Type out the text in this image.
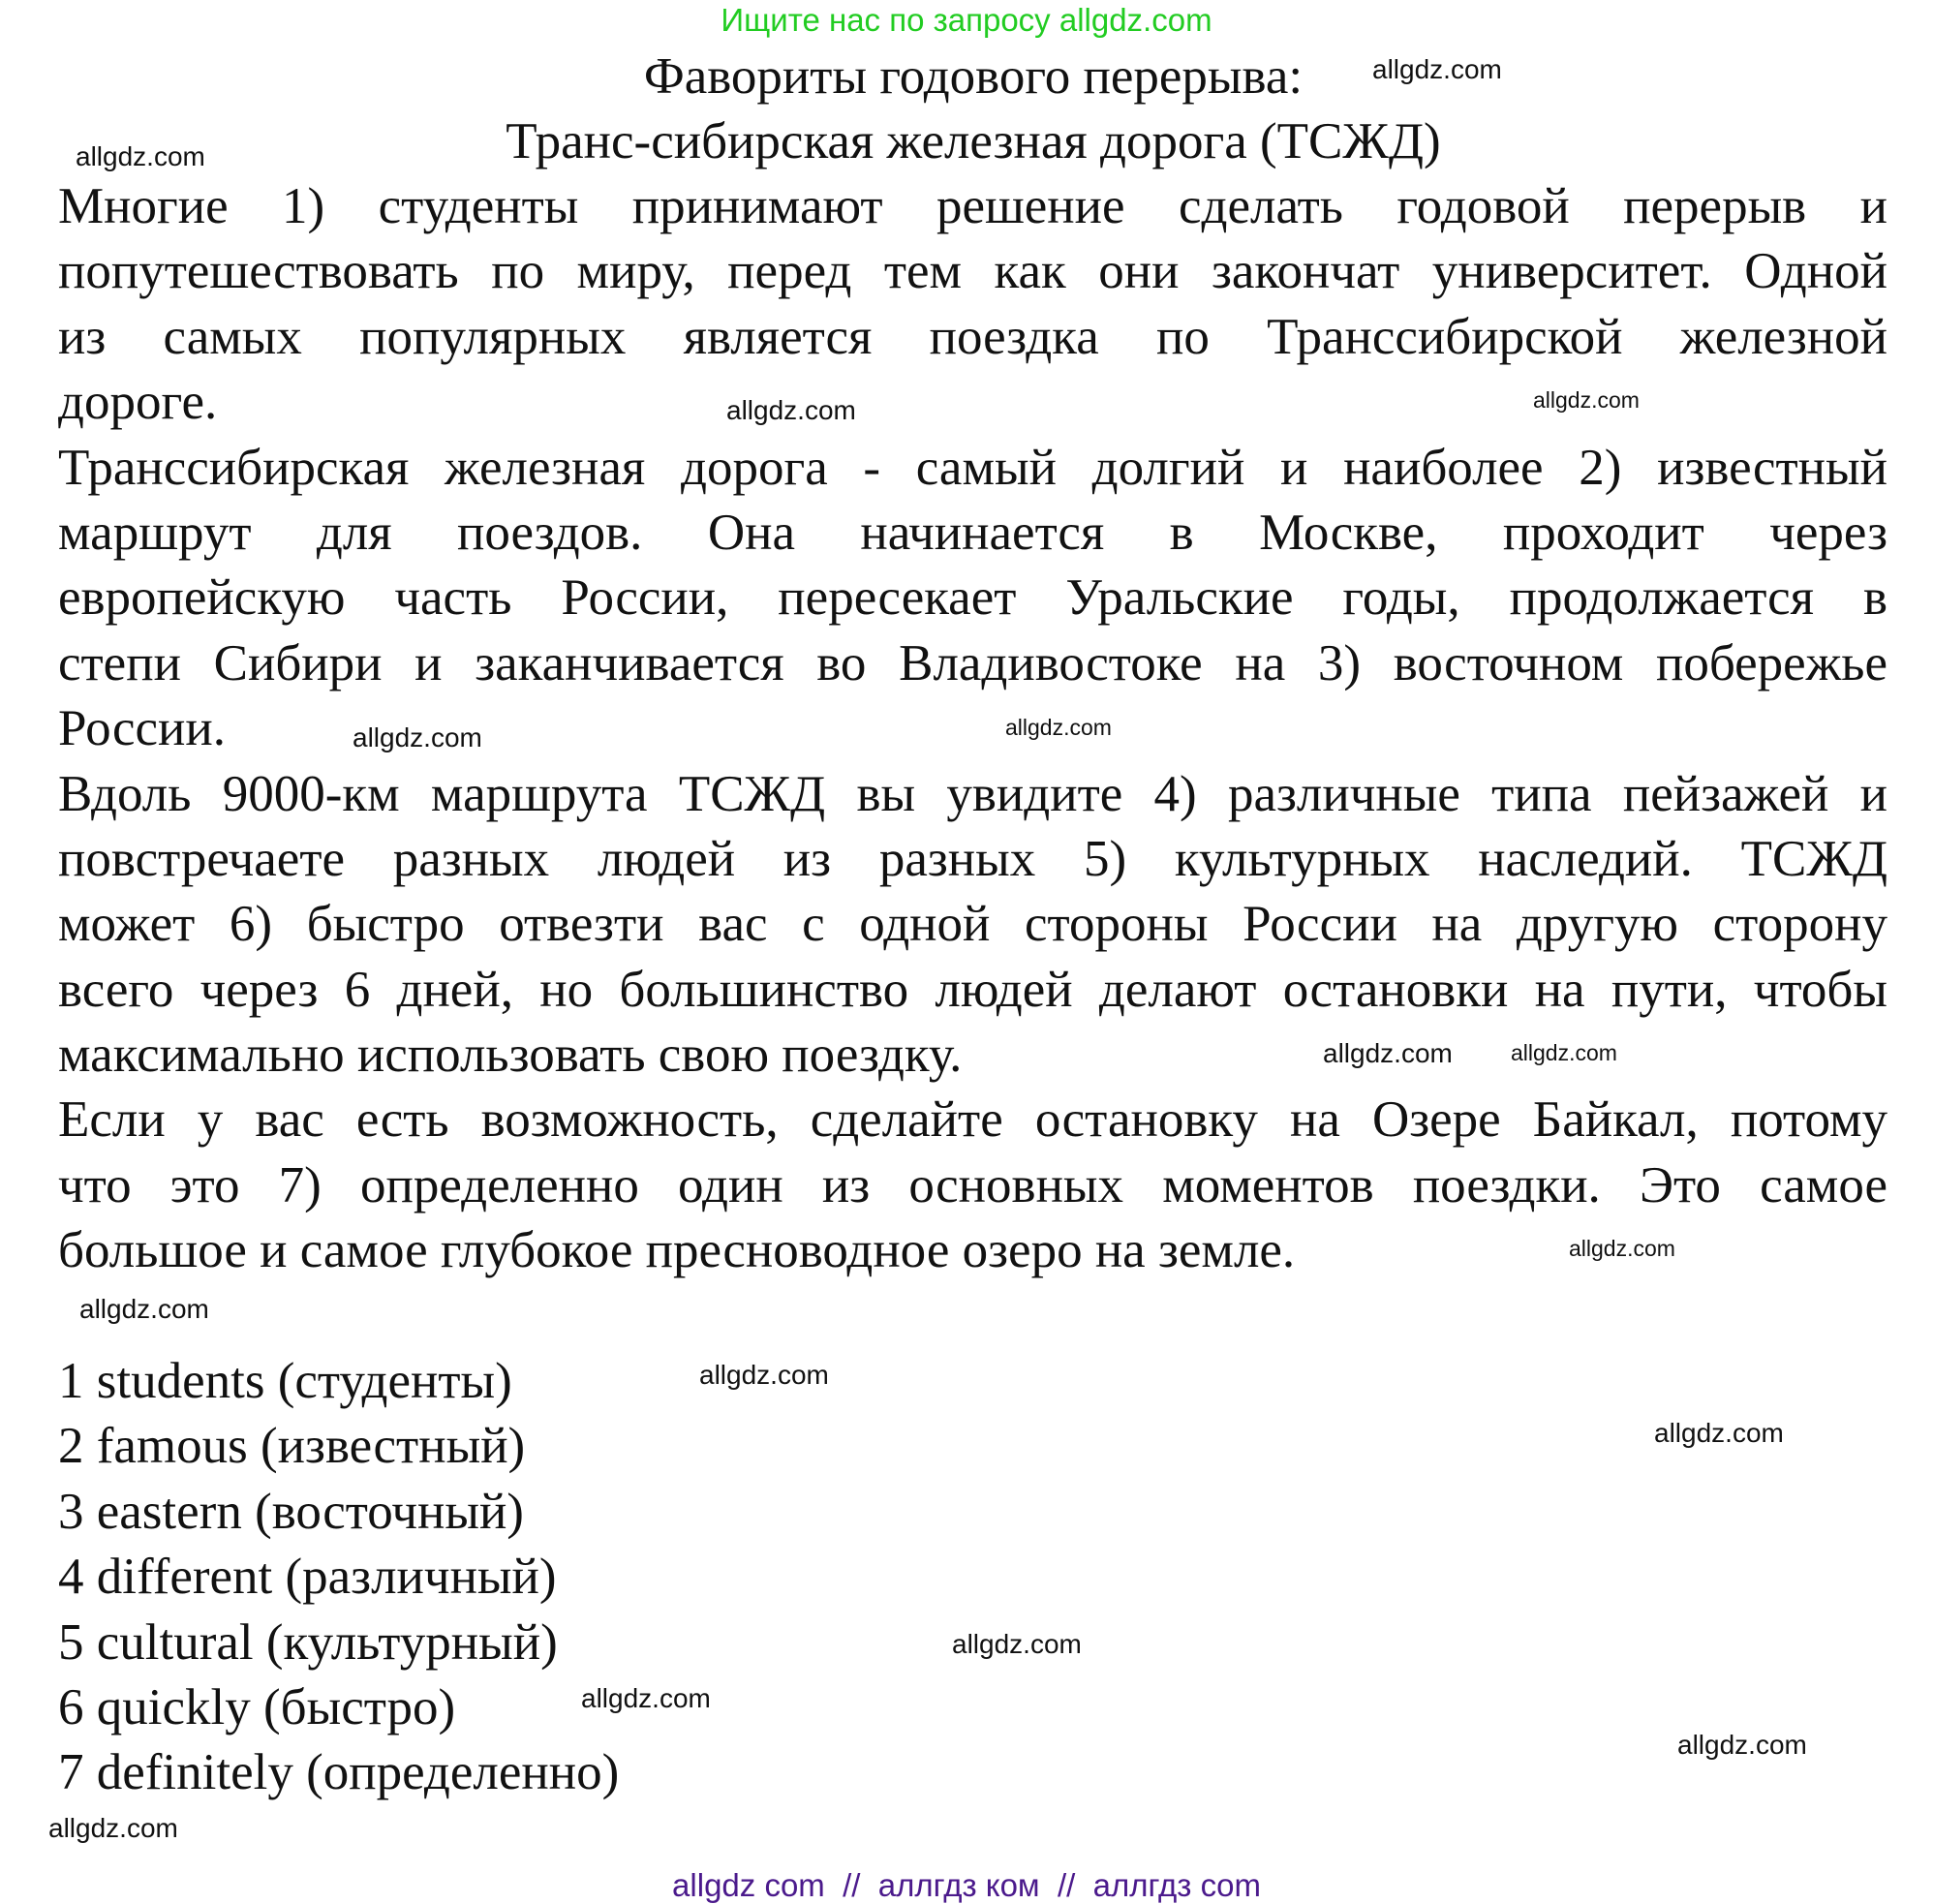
Ищите нас по запросу allgdz.com
Фавориты годового перерыва:
Транс-сибирская железная дорога (ТСЖД)
Многие 1) студенты принимают решение сделать годовой перерыв и
попутешествовать по миру, перед тем как они закончат университет. Одной
из самых популярных является поездка по Транссибирской железной
дороге.
Транссибирская железная дорога - самый долгий и наиболее 2) известный
маршрут для поездов. Она начинается в Москве, проходит через
европейскую часть России, пересекает Уральские годы, продолжается в
степи Сибири и заканчивается во Владивостоке на 3) восточном побережье
России.
Вдоль 9000-км маршрута ТСЖД вы увидите 4) различные типа пейзажей и
повстречаете разных людей из разных 5) культурных наследий. ТСЖД
может 6) быстро отвезти вас с одной стороны России на другую сторону
всего через 6 дней, но большинство людей делают остановки на пути, чтобы
максимально использовать свою поездку.
Если у вас есть возможность, сделайте остановку на Озере Байкал, потому
что это 7) определенно один из основных моментов поездки. Это самое
большое и самое глубокое пресноводное озеро на земле.
1 students (студенты)
2 famous (известный)
3 eastern (восточный)
4 different (различный)
5 cultural (культурный)
6 quickly (быстро)
7 definitely (определенно)
allgdz.com
allgdz.com
allgdz.com
allgdz.com
allgdz.com
allgdz.com
allgdz.com
allgdz.com
allgdz.com
allgdz.com
allgdz.com
allgdz.com
allgdz.com
allgdz.com
allgdz.com
allgdz.com
allgdz com  //  аллгдз ком  //  аллгдз com
